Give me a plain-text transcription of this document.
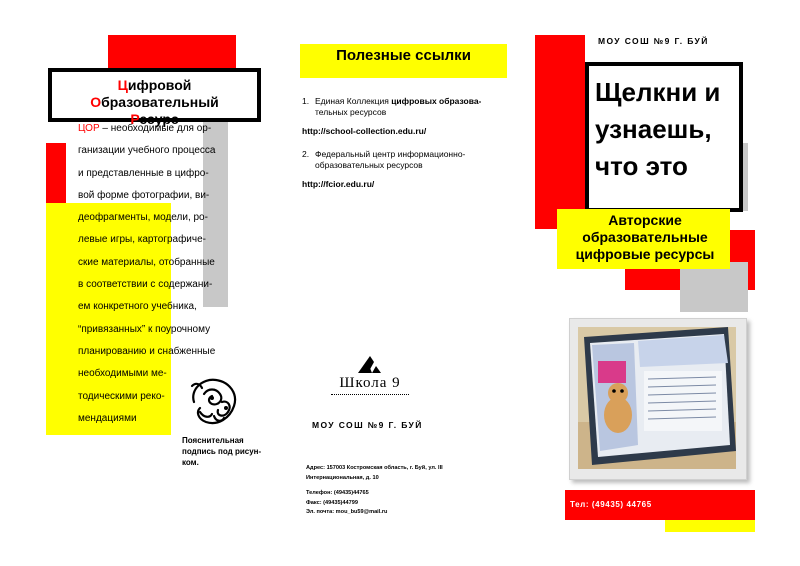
Цифровой Образовательный
Ресурс
ЦОР – необходимые для ор-
ганизации учебного процесса
и представленные в цифро-
вой форме фотографии, ви-
деофрагменты, модели, ро-
левые игры, картографиче-
ские материалы, отобранные
в соответствии с содержани-
ем конкретного учебника,
“привязанных” к поурочному
планированию и снабженные
необходимыми ме-
тодическими реко-
мендациями
Пояснительная
подпись под рисун-
ком.
Полезные ссылки
1. Единая Коллекция цифровых образова-
тельных ресурсов
http://school-collection.edu.ru/
2. Федеральный центр информационно-
образовательных ресурсов
http://fcior.edu.ru/
Школа 9
МОУ СОШ №9 Г. БУЙ
Адрес: 157003 Костромская область, г. Буй, ул. III
Интернациональная, д. 10
Телефон: (49435)44765
Факс: (49435)44799
Эл. почта: mou_bu59@mail.ru
МОУ СОШ №9 Г. БУЙ
Щелкни и
узнаешь,
что это
Авторские
образовательные
цифровые ресурсы
Тел: (49435) 44765
